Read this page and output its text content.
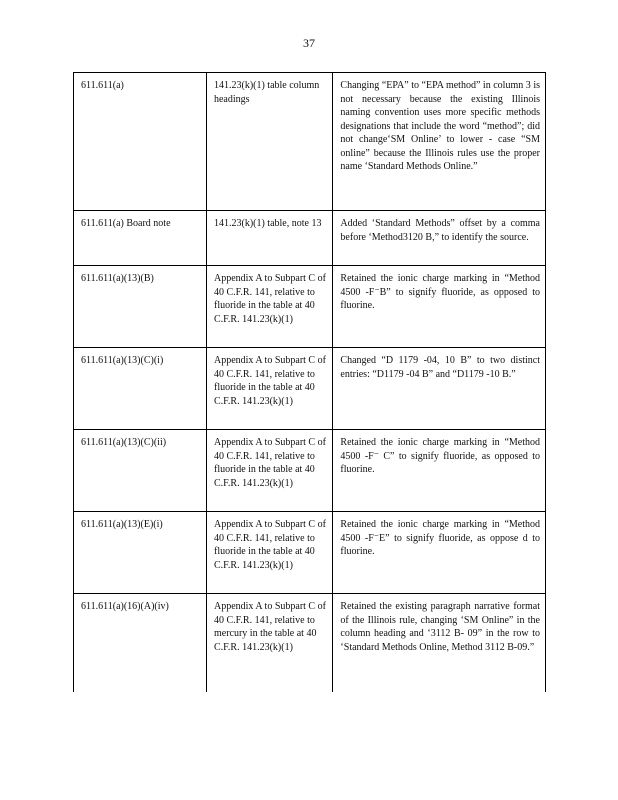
37
611.611(a)	141.23(k)(1) table column headings	Changing “EPA” to “EPA method” in column 3 is not necessary because the existing Illinois naming convention uses more specific methods designations that include the word “method”; did not change‘SM Online’ to lower - case “SM online” because the Illinois rules use the proper name ‘Standard Methods Online.”

611.611(a) Board note	141.23(k)(1) table, note 13	Added ‘Standard Methods” offset by a comma before ‘Method3120 B,” to identify the source.

611.611(a)(13)(B)	Appendix A to Subpart C of 40 C.F.R. 141, relative to fluoride in the table at 40 C.F.R. 141.23(k)(1)	Retained the ionic charge marking in “Method 4500 -F⁻B” to signify fluoride, as opposed to fluorine.

611.611(a)(13)(C)(i)	Appendix A to Subpart C of 40 C.F.R. 141, relative to fluoride in the table at 40 C.F.R. 141.23(k)(1)	Changed “D 1179 -04, 10 B” to two distinct entries: “D1179 -04 B” and “D1179 -10 B.”

611.611(a)(13)(C)(ii)	Appendix A to Subpart C of 40 C.F.R. 141, relative to fluoride in the table at 40 C.F.R. 141.23(k)(1)	Retained the ionic charge marking in “Method 4500 -F⁻ C” to signify fluoride, as opposed to fluorine.

611.611(a)(13)(E)(i)	Appendix A to Subpart C of 40 C.F.R. 141, relative to fluoride in the table at 40 C.F.R. 141.23(k)(1)	Retained the ionic charge marking in “Method 4500 -F⁻E” to signify fluoride, as oppose d to fluorine.

611.611(a)(16)(A)(iv)	Appendix A to Subpart C of 40 C.F.R. 141, relative to mercury in the table at 40 C.F.R. 141.23(k)(1)	Retained the existing paragraph narrative format of the Illinois rule, changing ‘SM Online” in the column heading and ‘3112 B- 09” in the row to ‘Standard Methods Online, Method 3112 B-09.”
